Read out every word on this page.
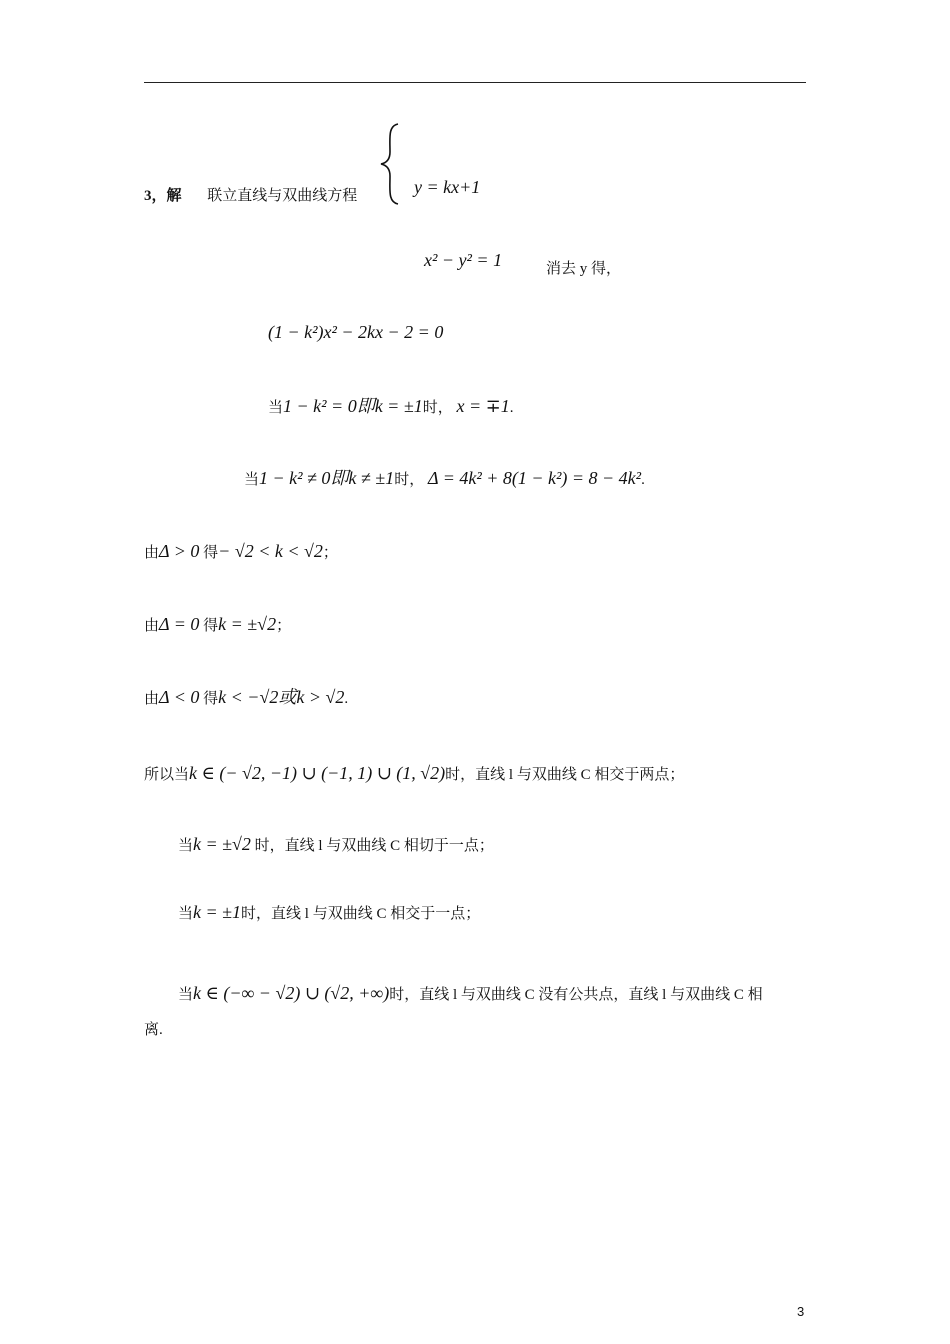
3，解 联立直线与双曲线方程	y = kx+1
x² − y² = 1	消去 y 得，
(1 − k²)x² − 2kx − 2 = 0
当1 − k² = 0即k = ±1时， x = ∓1.
当1 − k² ≠ 0即k ≠ ±1时， Δ = 4k² + 8(1 − k²) = 8 − 4k².
由Δ > 0 得− √2 < k < √2；
由Δ = 0 得k = ±√2；
由Δ < 0 得k < −√2或k > √2.
所以当k ∈ (− √2, −1) ∪ (−1, 1) ∪ (1, √2)时，直线 l 与双曲线 C 相交于两点；
当k = ±√2 时，直线 l 与双曲线 C 相切于一点；
当k = ±1时，直线 l 与双曲线 C 相交于一点；
当k ∈ (−∞ − √2) ∪ (√2, +∞)时，直线 l 与双曲线 C 没有公共点，直线 l 与双曲线 C 相
离.
3
